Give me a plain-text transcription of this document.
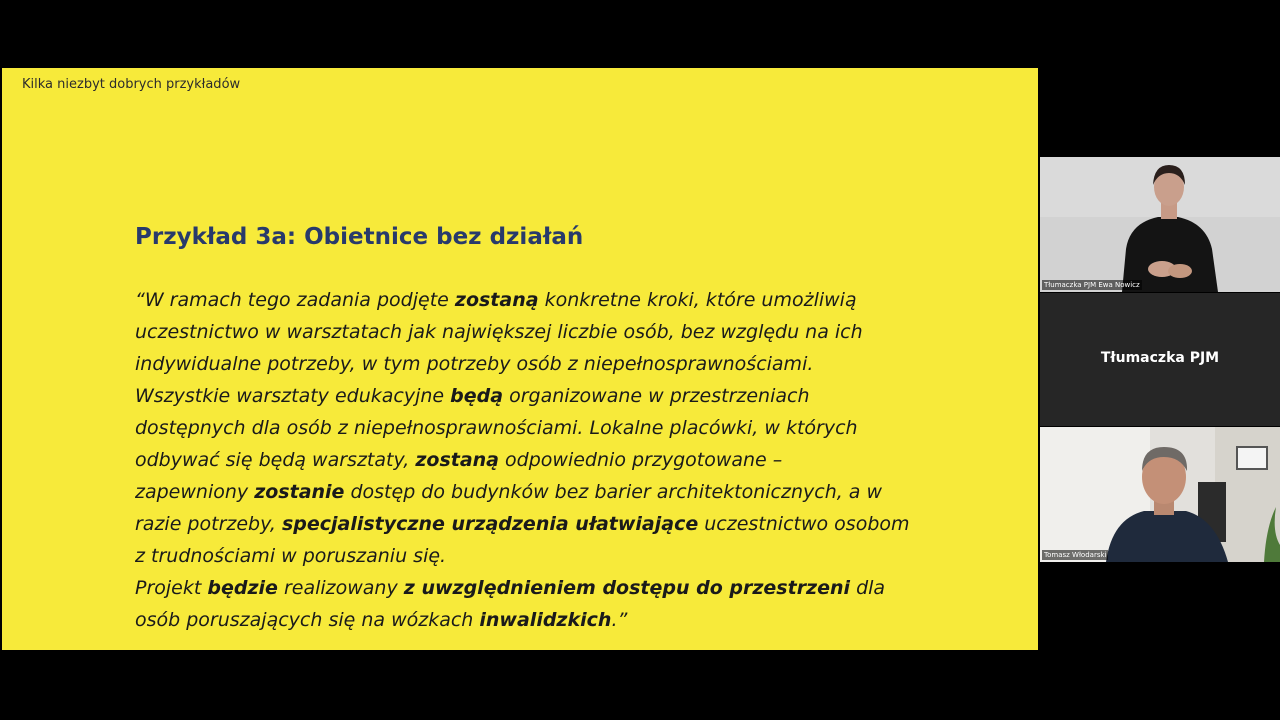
Kilka niezbyt dobrych przykładów
Przykład 3a: Obietnice bez działań
“W ramach tego zadania podjęte zostaną konkretne kroki, które umożliwią
uczestnictwo w warsztatach jak największej liczbie osób, bez względu na ich
indywidualne potrzeby, w tym potrzeby osób z niepełnosprawnościami.
Wszystkie warsztaty edukacyjne będą organizowane w przestrzeniach
dostępnych dla osób z niepełnosprawnościami. Lokalne placówki, w których
odbywać się będą warsztaty, zostaną odpowiednio przygotowane –
zapewniony zostanie dostęp do budynków bez barier architektonicznych, a w
razie potrzeby, specjalistyczne urządzenia ułatwiające uczestnictwo osobom
z trudnościami w poruszaniu się.
Projekt będzie realizowany z uwzględnieniem dostępu do przestrzeni dla
osób poruszających się na wózkach inwalidzkich.”
Tłumaczka PJM Ewa Nowicz
Tłumaczka PJM
Tomasz Włodarski
